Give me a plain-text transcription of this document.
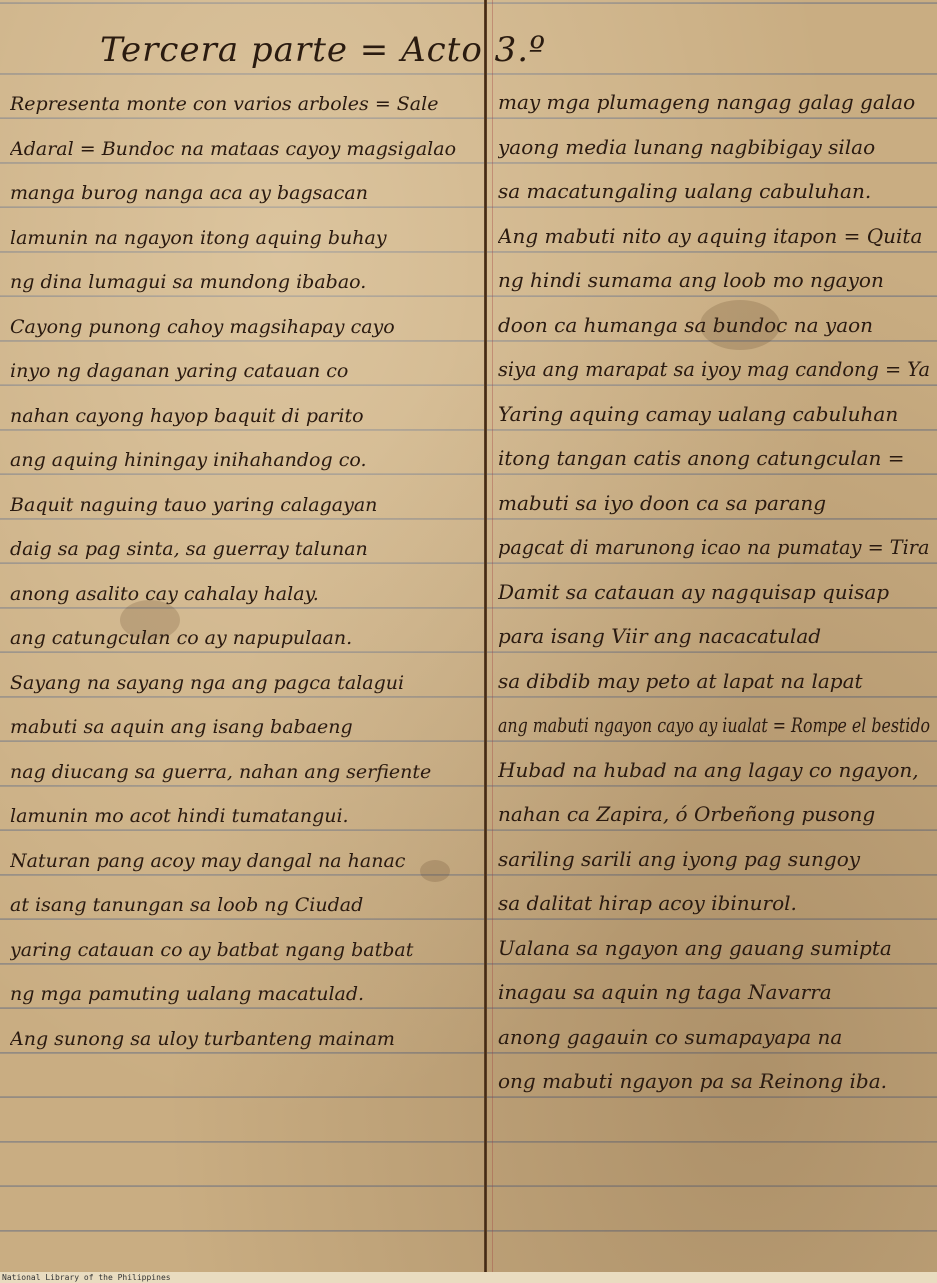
Tercera parte = Acto 3.º
Representa monte con varios arboles = Sale
Adaral = Bundoc na mataas cayoy magsigalao
manga burog nanga aca ay bagsacan
lamunin na ngayon itong aquing buhay
ng dina lumagui sa mundong ibabao.
Cayong punong cahoy magsihapay cayo
inyo ng daganan yaring catauan co
nahan cayong hayop baquit di parito
ang aquing hiningay inihahandog co.
Baquit naguing tauo yaring calagayan
daig sa pag sinta, sa guerray talunan
anong asalito cay cahalay halay.
ang catungculan co ay napupulaan.
Sayang na sayang nga ang pagca talagui
mabuti sa aquin ang isang babaeng
nag diucang sa guerra, nahan ang serfiente
lamunin mo acot hindi tumatangui.
Naturan pang acoy may dangal na hanac
at isang tanungan sa loob ng Ciudad
yaring catauan co ay batbat ngang batbat
ng mga pamuting ualang macatulad.
Ang sunong sa uloy turbanteng mainam
may mga plumageng nangag galag galao
yaong media lunang nagbibigay silao
sa macatungaling ualang cabuluhan.
Ang mabuti nito ay aquing itapon = Quita
ng hindi sumama ang loob mo ngayon
doon ca humanga sa bundoc na yaon
siya ang marapat sa iyoy mag candong = Ya
Yaring aquing camay ualang cabuluhan
itong tangan catis anong catungculan =
mabuti sa iyo doon ca sa parang
pagcat di marunong icao na pumatay = Tira
Damit sa catauan ay nagquisap quisap
para isang Viir ang nacacatulad
sa dibdib may peto at lapat na lapat
ang mabuti ngayon cayo ay iualat = Rompe el bestido
Hubad na hubad na ang lagay co ngayon,
nahan ca Zapira, ó Orbeñong pusong
sariling sarili ang iyong pag sungoy
sa dalitat hirap acoy ibinurol.
Ualana sa ngayon ang gauang sumipta
inagau sa aquin ng taga Navarra
anong gagauin co sumapayapa na
ong mabuti ngayon pa sa Reinong iba.
National Library of the Philippines
